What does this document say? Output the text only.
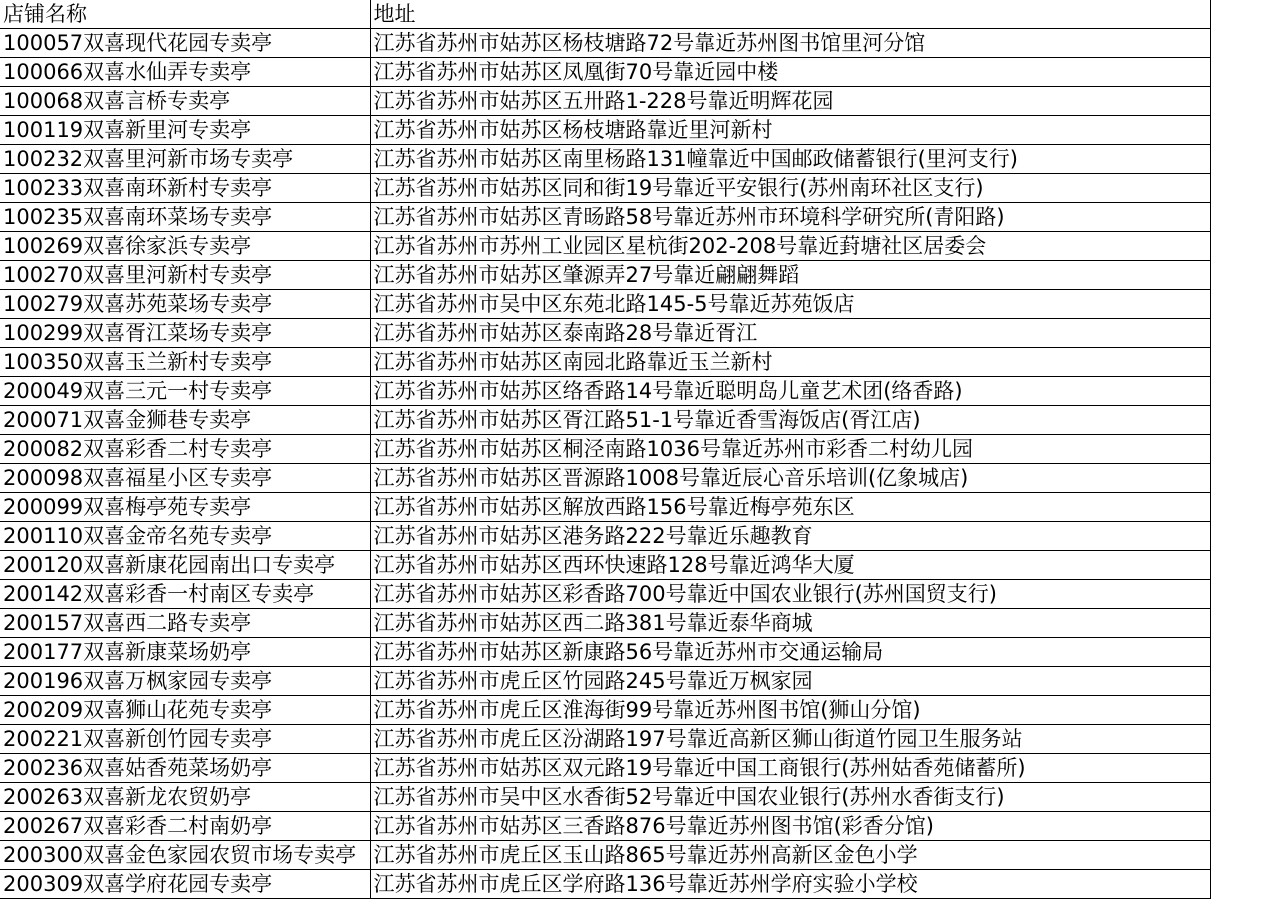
店铺名称	地址
100057双喜现代花园专卖亭	江苏省苏州市姑苏区杨枝塘路72号靠近苏州图书馆里河分馆
100066双喜水仙弄专卖亭	江苏省苏州市姑苏区凤凰街70号靠近园中楼
100068双喜言桥专卖亭	江苏省苏州市姑苏区五卅路1-228号靠近明辉花园
100119双喜新里河专卖亭	江苏省苏州市姑苏区杨枝塘路靠近里河新村
100232双喜里河新市场专卖亭	江苏省苏州市姑苏区南里杨路131幢靠近中国邮政储蓄银行(里河支行)
100233双喜南环新村专卖亭	江苏省苏州市姑苏区同和街19号靠近平安银行(苏州南环社区支行)
100235双喜南环菜场专卖亭	江苏省苏州市姑苏区青旸路58号靠近苏州市环境科学研究所(青阳路)
100269双喜徐家浜专卖亭	江苏省苏州市苏州工业园区星杭街202-208号靠近葑塘社区居委会
100270双喜里河新村专卖亭	江苏省苏州市姑苏区肇源弄27号靠近翩翩舞蹈
100279双喜苏苑菜场专卖亭	江苏省苏州市吴中区东苑北路145-5号靠近苏苑饭店
100299双喜胥江菜场专卖亭	江苏省苏州市姑苏区泰南路28号靠近胥江
100350双喜玉兰新村专卖亭	江苏省苏州市姑苏区南园北路靠近玉兰新村
200049双喜三元一村专卖亭	江苏省苏州市姑苏区络香路14号靠近聪明岛儿童艺术团(络香路)
200071双喜金狮巷专卖亭	江苏省苏州市姑苏区胥江路51-1号靠近香雪海饭店(胥江店)
200082双喜彩香二村专卖亭	江苏省苏州市姑苏区桐泾南路1036号靠近苏州市彩香二村幼儿园
200098双喜福星小区专卖亭	江苏省苏州市姑苏区晋源路1008号靠近辰心音乐培训(亿象城店)
200099双喜梅亭苑专卖亭	江苏省苏州市姑苏区解放西路156号靠近梅亭苑东区
200110双喜金帝名苑专卖亭	江苏省苏州市姑苏区港务路222号靠近乐趣教育
200120双喜新康花园南出口专卖亭	江苏省苏州市姑苏区西环快速路128号靠近鸿华大厦
200142双喜彩香一村南区专卖亭	江苏省苏州市姑苏区彩香路700号靠近中国农业银行(苏州国贸支行)
200157双喜西二路专卖亭	江苏省苏州市姑苏区西二路381号靠近泰华商城
200177双喜新康菜场奶亭	江苏省苏州市姑苏区新康路56号靠近苏州市交通运输局
200196双喜万枫家园专卖亭	江苏省苏州市虎丘区竹园路245号靠近万枫家园
200209双喜狮山花苑专卖亭	江苏省苏州市虎丘区淮海街99号靠近苏州图书馆(狮山分馆)
200221双喜新创竹园专卖亭	江苏省苏州市虎丘区汾湖路197号靠近高新区狮山街道竹园卫生服务站
200236双喜姑香苑菜场奶亭	江苏省苏州市姑苏区双元路19号靠近中国工商银行(苏州姑香苑储蓄所)
200263双喜新龙农贸奶亭	江苏省苏州市吴中区水香街52号靠近中国农业银行(苏州水香街支行)
200267双喜彩香二村南奶亭	江苏省苏州市姑苏区三香路876号靠近苏州图书馆(彩香分馆)
200300双喜金色家园农贸市场专卖亭	江苏省苏州市虎丘区玉山路865号靠近苏州高新区金色小学
200309双喜学府花园专卖亭	江苏省苏州市虎丘区学府路136号靠近苏州学府实验小学校
